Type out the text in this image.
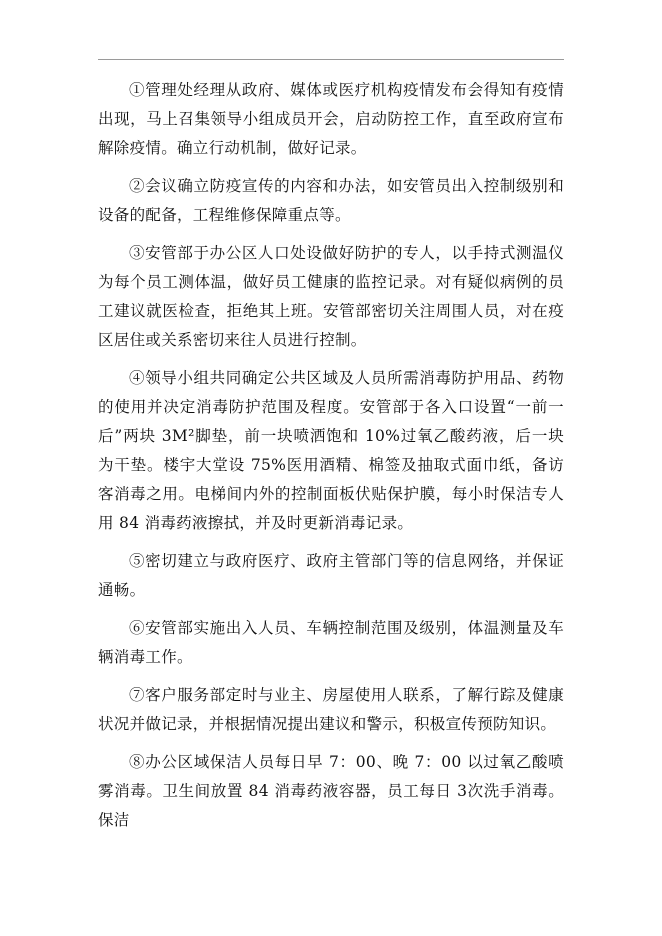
①管理处经理从政府、媒体或医疗机构疫情发布会得知有疫情出现，马上召集领导小组成员开会，启动防控工作，直至政府宣布解除疫情。确立行动机制，做好记录。

②会议确立防疫宣传的内容和办法，如安管员出入控制级别和设备的配备，工程维修保障重点等。

③安管部于办公区人口处设做好防护的专人，以手持式测温仪为每个员工测体温，做好员工健康的监控记录。对有疑似病例的员工建议就医检查，拒绝其上班。安管部密切关注周围人员，对在疫区居住或关系密切来往人员进行控制。

④领导小组共同确定公共区域及人员所需消毒防护用品、药物的使用并决定消毒防护范围及程度。安管部于各入口设置“一前一后”两块 3M²脚垫，前一块喷洒饱和 10%过氧乙酸药液，后一块为干垫。楼宇大堂设 75%医用酒精、棉签及抽取式面巾纸，备访客消毒之用。电梯间内外的控制面板伏贴保护膜，每小时保洁专人用 84 消毒药液擦拭，并及时更新消毒记录。

⑤密切建立与政府医疗、政府主管部门等的信息网络，并保证通畅。

⑥安管部实施出入人员、车辆控制范围及级别，体温测量及车辆消毒工作。

⑦客户服务部定时与业主、房屋使用人联系，了解行踪及健康状况并做记录，并根据情况提出建议和警示，积极宣传预防知识。

⑧办公区域保洁人员每日早 7：00、晚 7：00 以过氧乙酸喷雾消毒。卫生间放置 84 消毒药液容器，员工每日 3次洗手消毒。保洁
